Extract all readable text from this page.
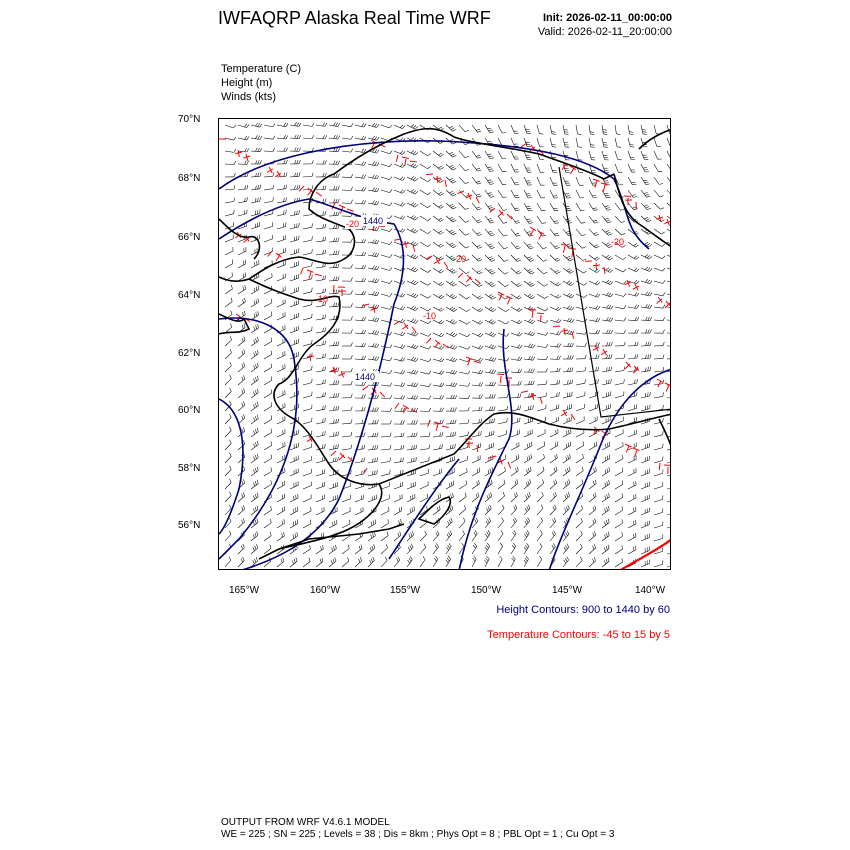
IWFAQRP Alaska Real Time WRF	Init: 2026-02-11_00:00:00
Valid: 2026-02-11_20:00:00
Temperature (C)
Height (m)
Winds (kts)
70°N
68°N
66°N
64°N
62°N
60°N
58°N
56°N
165°W	160°W	155°W	150°W	145°W	140°W
1440
1440
-20
-20
-20
-10
-10
Height Contours: 900 to 1440 by 60
Temperature Contours: -45 to 15 by 5
OUTPUT FROM WRF V4.6.1 MODEL
WE = 225 ; SN = 225 ; Levels = 38 ; Dis = 8km ; Phys Opt = 8 ; PBL Opt = 1 ; Cu Opt = 3
